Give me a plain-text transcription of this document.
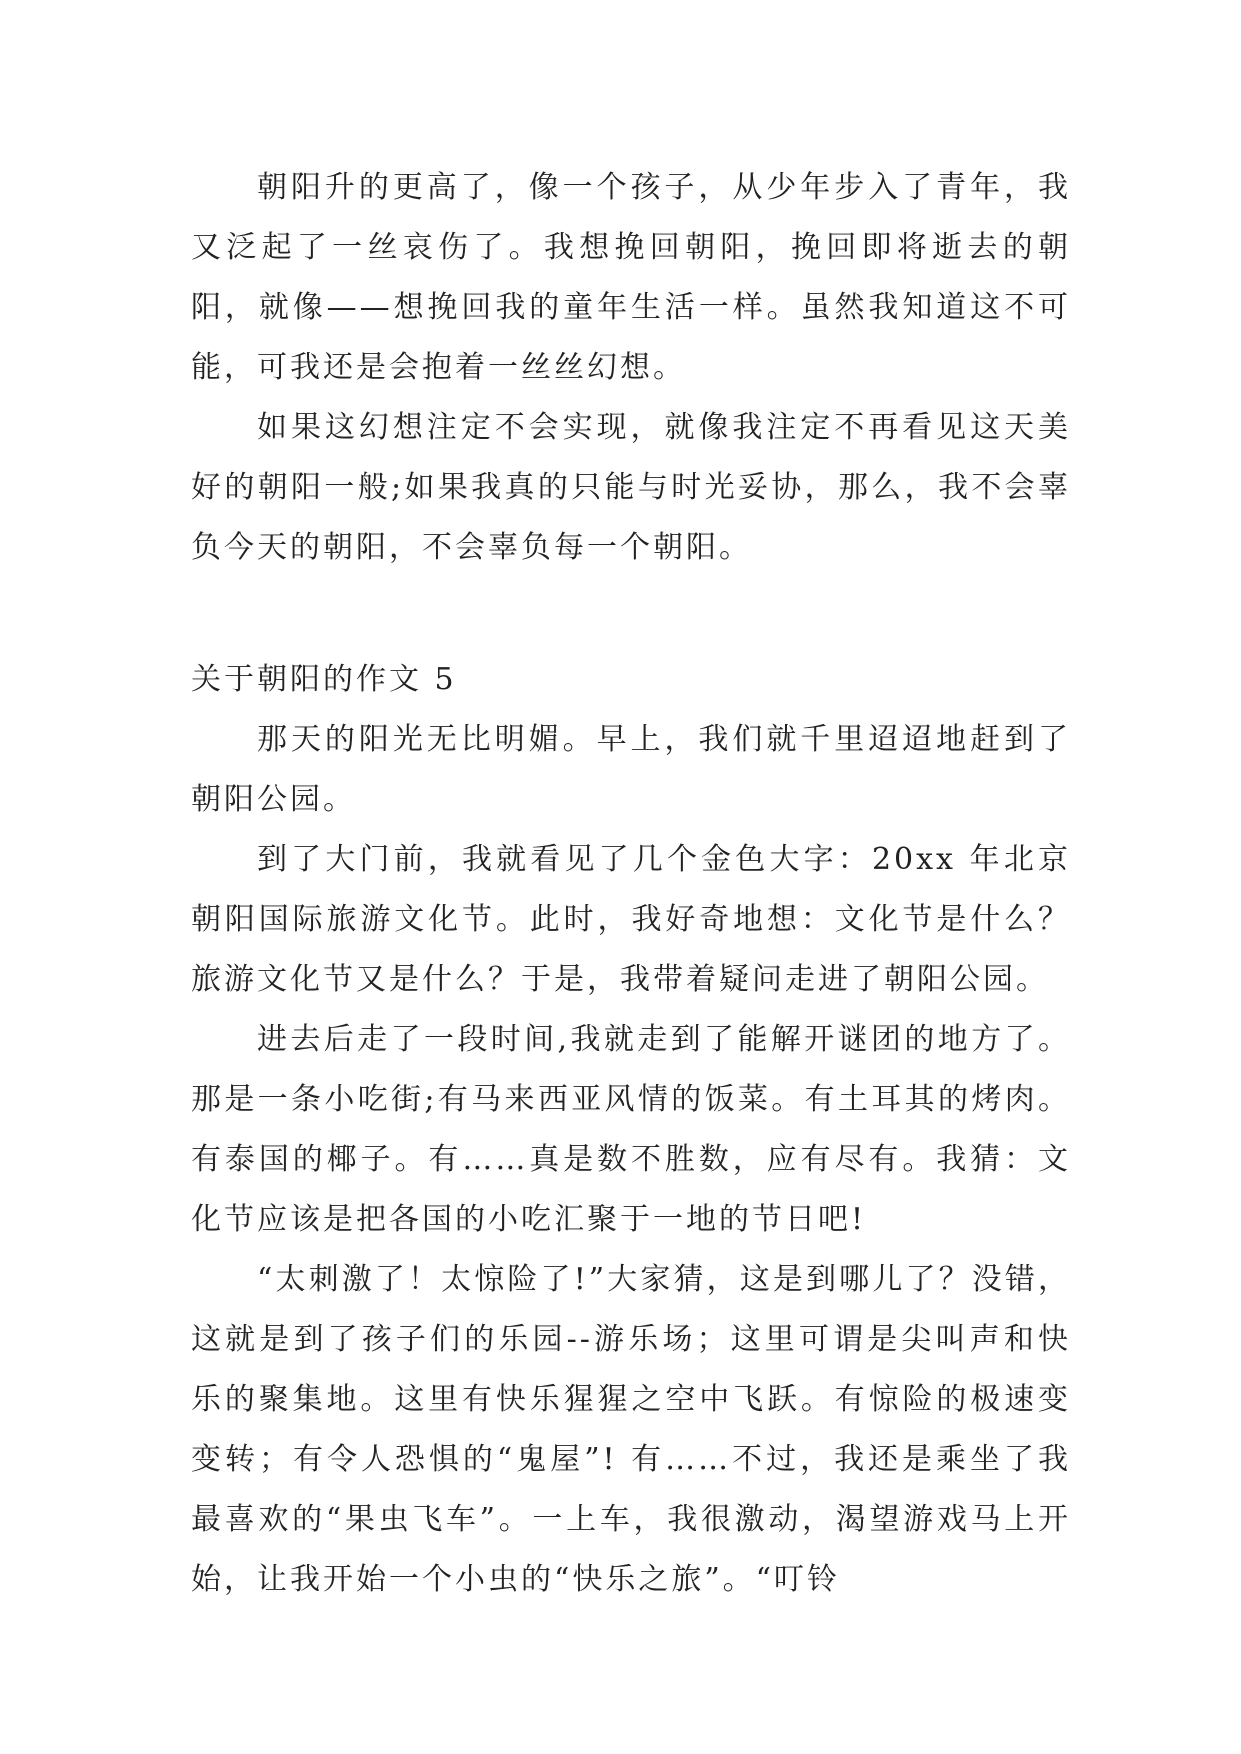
朝阳升的更高了，像一个孩子，从少年步入了青年，我又泛起了一丝哀伤了。我想挽回朝阳，挽回即将逝去的朝阳，就像——想挽回我的童年生活一样。虽然我知道这不可能，可我还是会抱着一丝丝幻想。

如果这幻想注定不会实现，就像我注定不再看见这天美好的朝阳一般;如果我真的只能与时光妥协，那么，我不会辜负今天的朝阳，不会辜负每一个朝阳。

关于朝阳的作文 5

那天的阳光无比明媚。早上，我们就千里迢迢地赶到了朝阳公园。

到了大门前，我就看见了几个金色大字：20xx 年北京朝阳国际旅游文化节。此时，我好奇地想：文化节是什么？旅游文化节又是什么？于是，我带着疑问走进了朝阳公园。

进去后走了一段时间,我就走到了能解开谜团的地方了。那是一条小吃街;有马来西亚风情的饭菜。有土耳其的烤肉。有泰国的椰子。有……真是数不胜数，应有尽有。我猜：文化节应该是把各国的小吃汇聚于一地的节日吧!

“太刺激了！太惊险了!”大家猜，这是到哪儿了？没错，这就是到了孩子们的乐园--游乐场；这里可谓是尖叫声和快乐的聚集地。这里有快乐猩猩之空中飞跃。有惊险的极速变变转；有令人恐惧的“鬼屋”! 有……不过，我还是乘坐了我最喜欢的“果虫飞车”。一上车，我很激动，渴望游戏马上开始，让我开始一个小虫的“快乐之旅”。“叮铃
